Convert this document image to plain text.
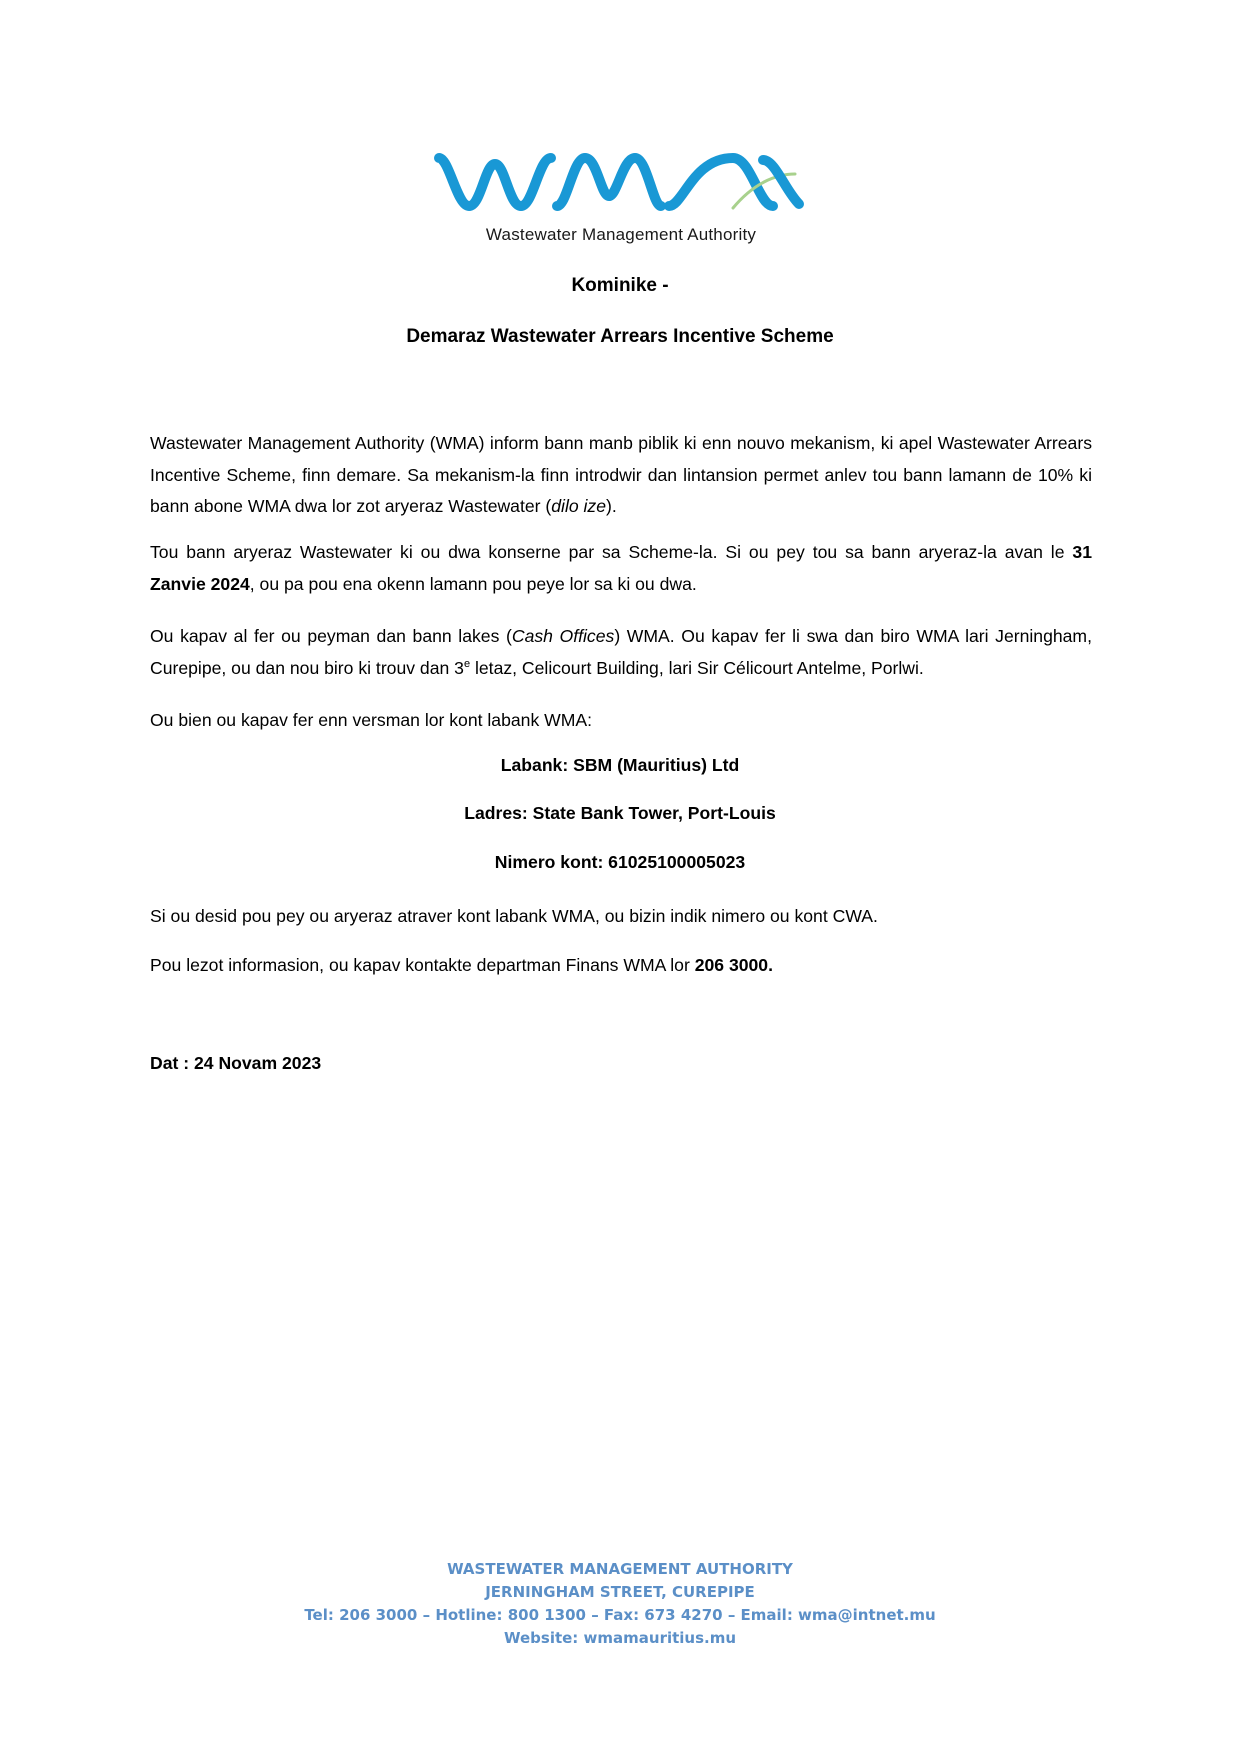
Wastewater Management Authority
Kominike -
Demaraz Wastewater Arrears Incentive Scheme
Wastewater Management Authority (WMA) inform bann manb piblik ki enn nouvo mekanism, ki apel Wastewater Arrears Incentive Scheme, finn demare. Sa mekanism-la finn introdwir dan lintansion permet anlev tou bann lamann de 10% ki bann abone WMA dwa lor zot aryeraz Wastewater (dilo ize).
Tou bann aryeraz Wastewater ki ou dwa konserne par sa Scheme-la. Si ou pey tou sa bann aryeraz-la avan le 31 Zanvie 2024, ou pa pou ena okenn lamann pou peye lor sa ki ou dwa.
Ou kapav al fer ou peyman dan bann lakes (Cash Offices) WMA. Ou kapav fer li swa dan biro WMA lari Jerningham, Curepipe, ou dan nou biro ki trouv dan 3e letaz, Celicourt Building, lari Sir Célicourt Antelme, Porlwi.
Ou bien ou kapav fer enn versman lor kont labank WMA:
Labank: SBM (Mauritius) Ltd
Ladres: State Bank Tower, Port-Louis
Nimero kont: 61025100005023
Si ou desid pou pey ou aryeraz atraver kont labank WMA, ou bizin indik nimero ou kont CWA.
Pou lezot informasion, ou kapav kontakte departman Finans WMA lor 206 3000.
Dat : 24 Novam 2023
WASTEWATER MANAGEMENT AUTHORITY
JERNINGHAM STREET, CUREPIPE
Tel: 206 3000 – Hotline: 800 1300 – Fax: 673 4270 – Email: wma@intnet.mu
Website: wmamauritius.mu
